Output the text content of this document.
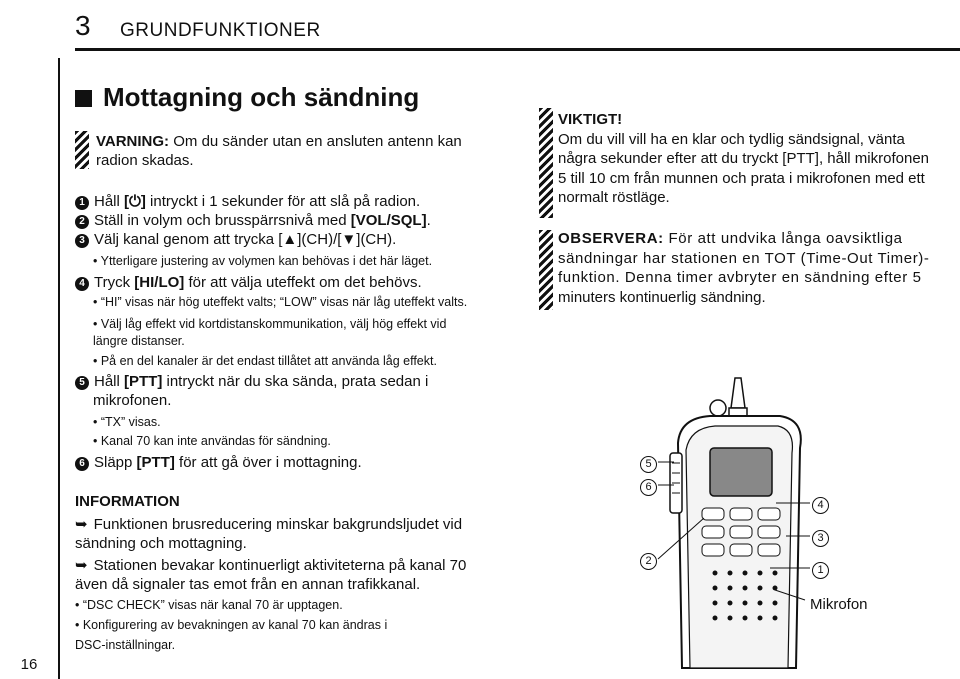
3 GRUNDFUNKTIONER
16
Mottagning och sändning
VARNING: Om du sänder utan en ansluten antenn kan
radion skadas.
1 Håll [⏻] intryckt i 1 sekunder för att slå på radion.
2 Ställ in volym och brusspärrsnivå med [VOL/SQL].
3 Välj kanal genom att trycka [▲](CH)/[▼](CH).
• Ytterligare justering av volymen kan behövas i det här läget.
4 Tryck [HI/LO] för att välja uteffekt om det behövs.
• “HI” visas när hög uteffekt valts; “LOW” visas när låg uteffekt valts.
• Välj låg effekt vid kortdistanskommunikation, välj hög effekt vid
längre distanser.
• På en del kanaler är det endast tillåtet att använda låg effekt.
5 Håll [PTT] intryckt när du ska sända, prata sedan i
mikrofonen.
• “TX” visas.
• Kanal 70 kan inte användas för sändning.
6 Släpp [PTT] för att gå över i mottagning.
INFORMATION
➥ Funktionen brusreducering minskar bakgrundsljudet vid
sändning och mottagning.
➥ Stationen bevakar kontinuerligt aktiviteterna på kanal 70
även då signaler tas emot från en annan trafikkanal.
• “DSC CHECK” visas när kanal 70 är upptagen.
• Konfigurering av bevakningen av kanal 70 kan ändras i
DSC-inställningar.
VIKTIGT!
Om du vill vill ha en klar och tydlig sändsignal, vänta
några sekunder efter att du tryckt [PTT], håll mikrofonen
5 till 10 cm från munnen och prata i mikrofonen med ett
normalt röstläge.
OBSERVERA: För att undvika långa oavsiktliga
sändningar har stationen en TOT (Time-Out Timer)-
funktion. Denna timer avbryter en sändning efter 5
minuters kontinuerlig sändning.
5
6
4
3
2
1
Mikrofon
